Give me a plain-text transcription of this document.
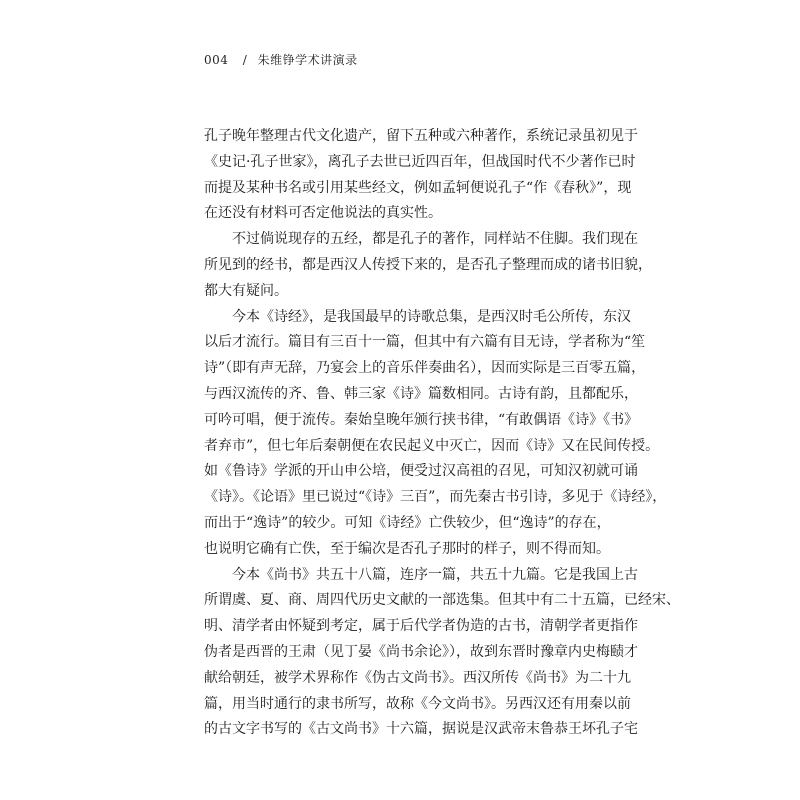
004 / 朱维铮学术讲演录
孔子晚年整理古代文化遗产，留下五种或六种著作，系统记录虽初见于
《史记·孔子世家》，离孔子去世已近四百年，但战国时代不少著作已时
而提及某种书名或引用某些经文，例如孟轲便说孔子“作《春秋》”，现
在还没有材料可否定他说法的真实性。
不过倘说现存的五经，都是孔子的著作，同样站不住脚。我们现在
所见到的经书，都是西汉人传授下来的，是否孔子整理而成的诸书旧貌，
都大有疑问。
今本《诗经》，是我国最早的诗歌总集，是西汉时毛公所传，东汉
以后才流行。篇目有三百十一篇，但其中有六篇有目无诗，学者称为“笙
诗”（即有声无辞，乃宴会上的音乐伴奏曲名），因而实际是三百零五篇，
与西汉流传的齐、鲁、韩三家《诗》篇数相同。古诗有韵，且都配乐，
可吟可唱，便于流传。秦始皇晚年颁行挟书律，“有敢偶语《诗》《书》
者弃市”，但七年后秦朝便在农民起义中灭亡，因而《诗》又在民间传授。
如《鲁诗》学派的开山申公培，便受过汉高祖的召见，可知汉初就可诵
《诗》。《论语》里已说过“《诗》三百”，而先秦古书引诗，多见于《诗经》，
而出于“逸诗”的较少。可知《诗经》亡佚较少，但“逸诗”的存在，
也说明它确有亡佚，至于编次是否孔子那时的样子，则不得而知。
今本《尚书》共五十八篇，连序一篇，共五十九篇。它是我国上古
所谓虞、夏、商、周四代历史文献的一部选集。但其中有二十五篇，已经宋、
明、清学者由怀疑到考定，属于后代学者伪造的古书，清朝学者更指作
伪者是西晋的王肃（见丁晏《尚书余论》），故到东晋时豫章内史梅赜才
献给朝廷，被学术界称作《伪古文尚书》。西汉所传《尚书》为二十九
篇，用当时通行的隶书所写，故称《今文尚书》。另西汉还有用秦以前
的古文字书写的《古文尚书》十六篇，据说是汉武帝末鲁恭王坏孔子宅
